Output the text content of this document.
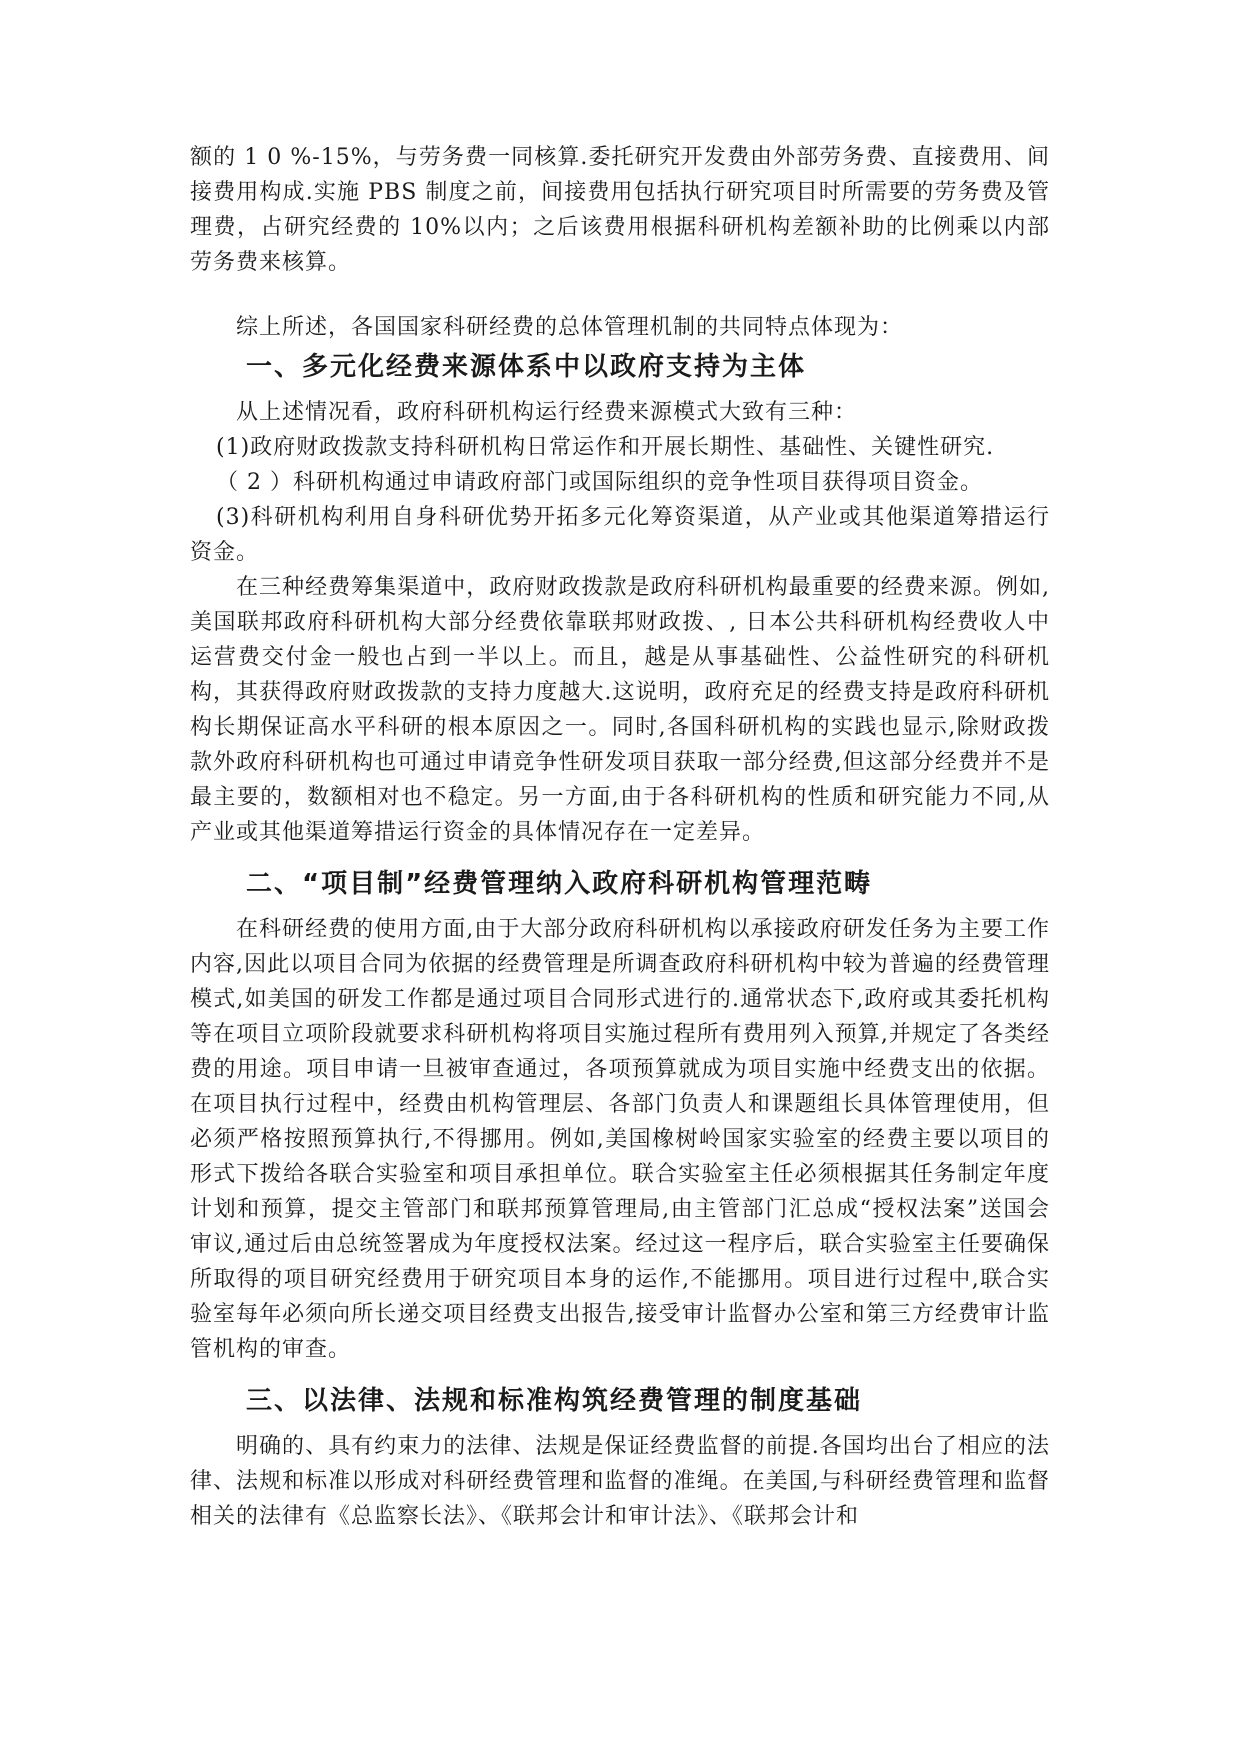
额的 1 0 %-15%，与劳务费一同核算.委托研究开发费由外部劳务费、直接费用、间接费用构成.实施 PBS 制度之前，间接费用包括执行研究项目时所需要的劳务费及管理费，占研究经费的 10%以内；之后该费用根据科研机构差额补助的比例乘以内部劳务费来核算。

综上所述，各国国家科研经费的总体管理机制的共同特点体现为：

一、多元化经费来源体系中以政府支持为主体

从上述情况看，政府科研机构运行经费来源模式大致有三种：

(1)政府财政拨款支持科研机构日常运作和开展长期性、基础性、关键性研究.

（ 2 ）科研机构通过申请政府部门或国际组织的竞争性项目获得项目资金。

(3)科研机构利用自身科研优势开拓多元化筹资渠道，从产业或其他渠道筹措运行资金。

在三种经费筹集渠道中，政府财政拨款是政府科研机构最重要的经费来源。例如,美国联邦政府科研机构大部分经费依靠联邦财政拨、, 日本公共科研机构经费收人中运营费交付金一般也占到一半以上。而且，越是从事基础性、公益性研究的科研机构，其获得政府财政拨款的支持力度越大.这说明，政府充足的经费支持是政府科研机构长期保证高水平科研的根本原因之一。同时,各国科研机构的实践也显示,除财政拨款外政府科研机构也可通过申请竞争性研发项目获取一部分经费,但这部分经费并不是最主要的，数额相对也不稳定。另一方面,由于各科研机构的性质和研究能力不同,从产业或其他渠道筹措运行资金的具体情况存在一定差异。

二、“项目制”经费管理纳入政府科研机构管理范畴

在科研经费的使用方面,由于大部分政府科研机构以承接政府研发任务为主要工作内容,因此以项目合同为依据的经费管理是所调查政府科研机构中较为普遍的经费管理模式,如美国的研发工作都是通过项目合同形式进行的.通常状态下,政府或其委托机构等在项目立项阶段就要求科研机构将项目实施过程所有费用列入预算,并规定了各类经费的用途。项目申请一旦被审查通过，各项预算就成为项目实施中经费支出的依据。在项目执行过程中，经费由机构管理层、各部门负责人和课题组长具体管理使用，但必须严格按照预算执行,不得挪用。例如,美国橡树岭国家实验室的经费主要以项目的形式下拨给各联合实验室和项目承担单位。联合实验室主任必须根据其任务制定年度计划和预算，提交主管部门和联邦预算管理局,由主管部门汇总成“授权法案”送国会审议,通过后由总统签署成为年度授权法案。经过这一程序后，联合实验室主任要确保所取得的项目研究经费用于研究项目本身的运作,不能挪用。项目进行过程中,联合实验室每年必须向所长递交项目经费支出报告,接受审计监督办公室和第三方经费审计监管机构的审查。

三、以法律、法规和标准构筑经费管理的制度基础

明确的、具有约束力的法律、法规是保证经费监督的前提.各国均出台了相应的法律、法规和标准以形成对科研经费管理和监督的准绳。在美国,与科研经费管理和监督相关的法律有《总监察长法》、《联邦会计和审计法》、《联邦会计和
